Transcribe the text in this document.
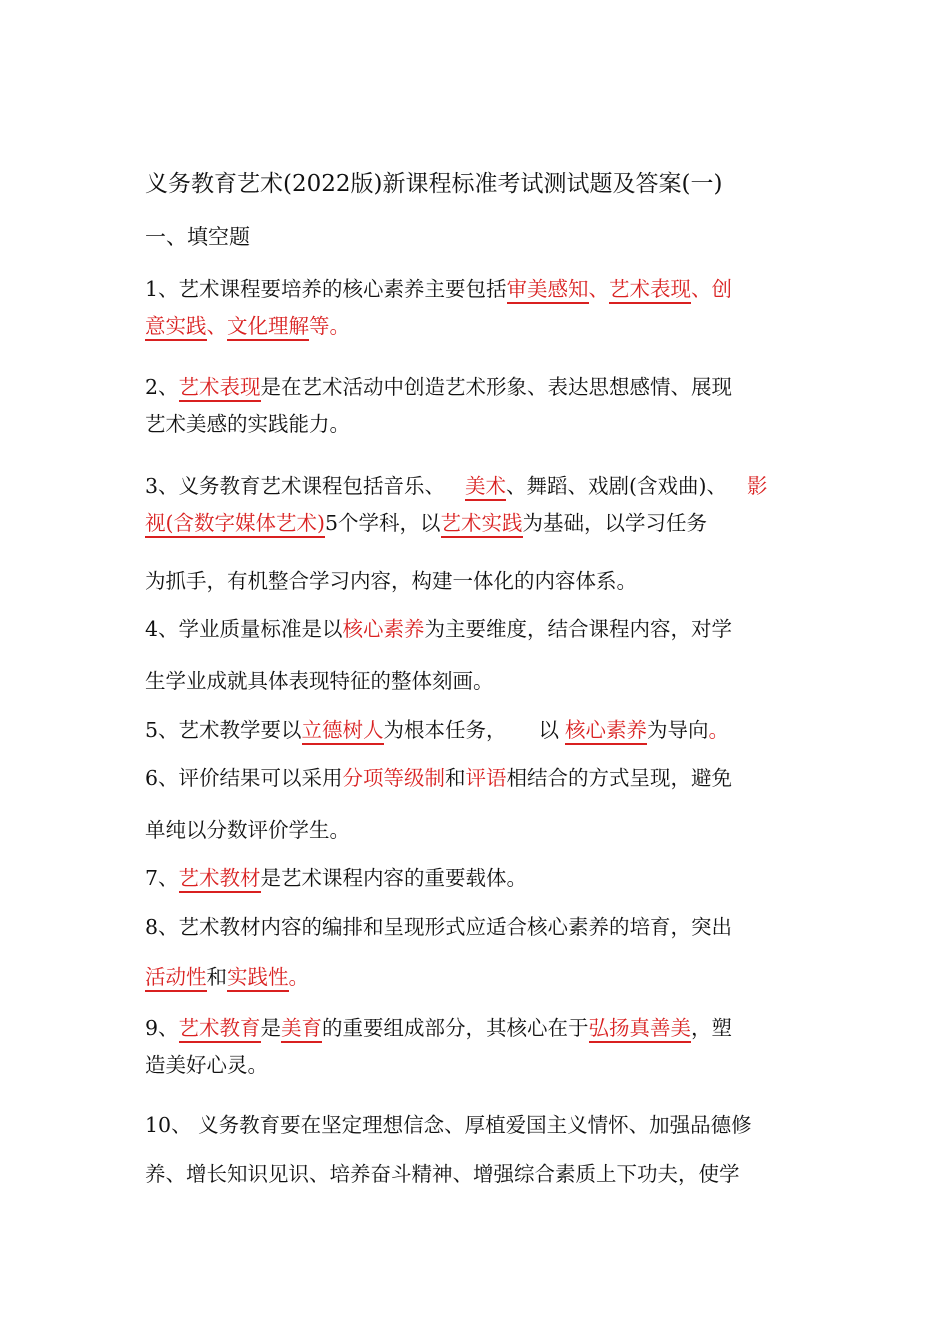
义务教育艺术(2022版)新课程标准考试测试题及答案(一)
一、填空题
1、艺术课程要培养的核心素养主要包括审美感知、艺术表现、创
意实践、文化理解等。
2、艺术表现是在艺术活动中创造艺术形象、表达思想感情、展现
艺术美感的实践能力。
3、义务教育艺术课程包括音乐、 美术、舞蹈、戏剧(含戏曲)、 影
视(含数字媒体艺术)5个学科，以艺术实践为基础，以学习任务
为抓手，有机整合学习内容，构建一体化的内容体系。
4、学业质量标准是以核心素养为主要维度，结合课程内容，对学
生学业成就具体表现特征的整体刻画。
5、艺术教学要以立德树人为根本任务， 以 核心素养为导向。
6、评价结果可以采用分项等级制和评语相结合的方式呈现，避免
单纯以分数评价学生。
7、艺术教材是艺术课程内容的重要载体。
8、艺术教材内容的编排和呈现形式应适合核心素养的培育，突出
活动性和实践性。
9、艺术教育是美育的重要组成部分，其核心在于弘扬真善美，塑
造美好心灵。
10、 义务教育要在坚定理想信念、厚植爱国主义情怀、加强品德修
养、增长知识见识、培养奋斗精神、增强综合素质上下功夫，使学
